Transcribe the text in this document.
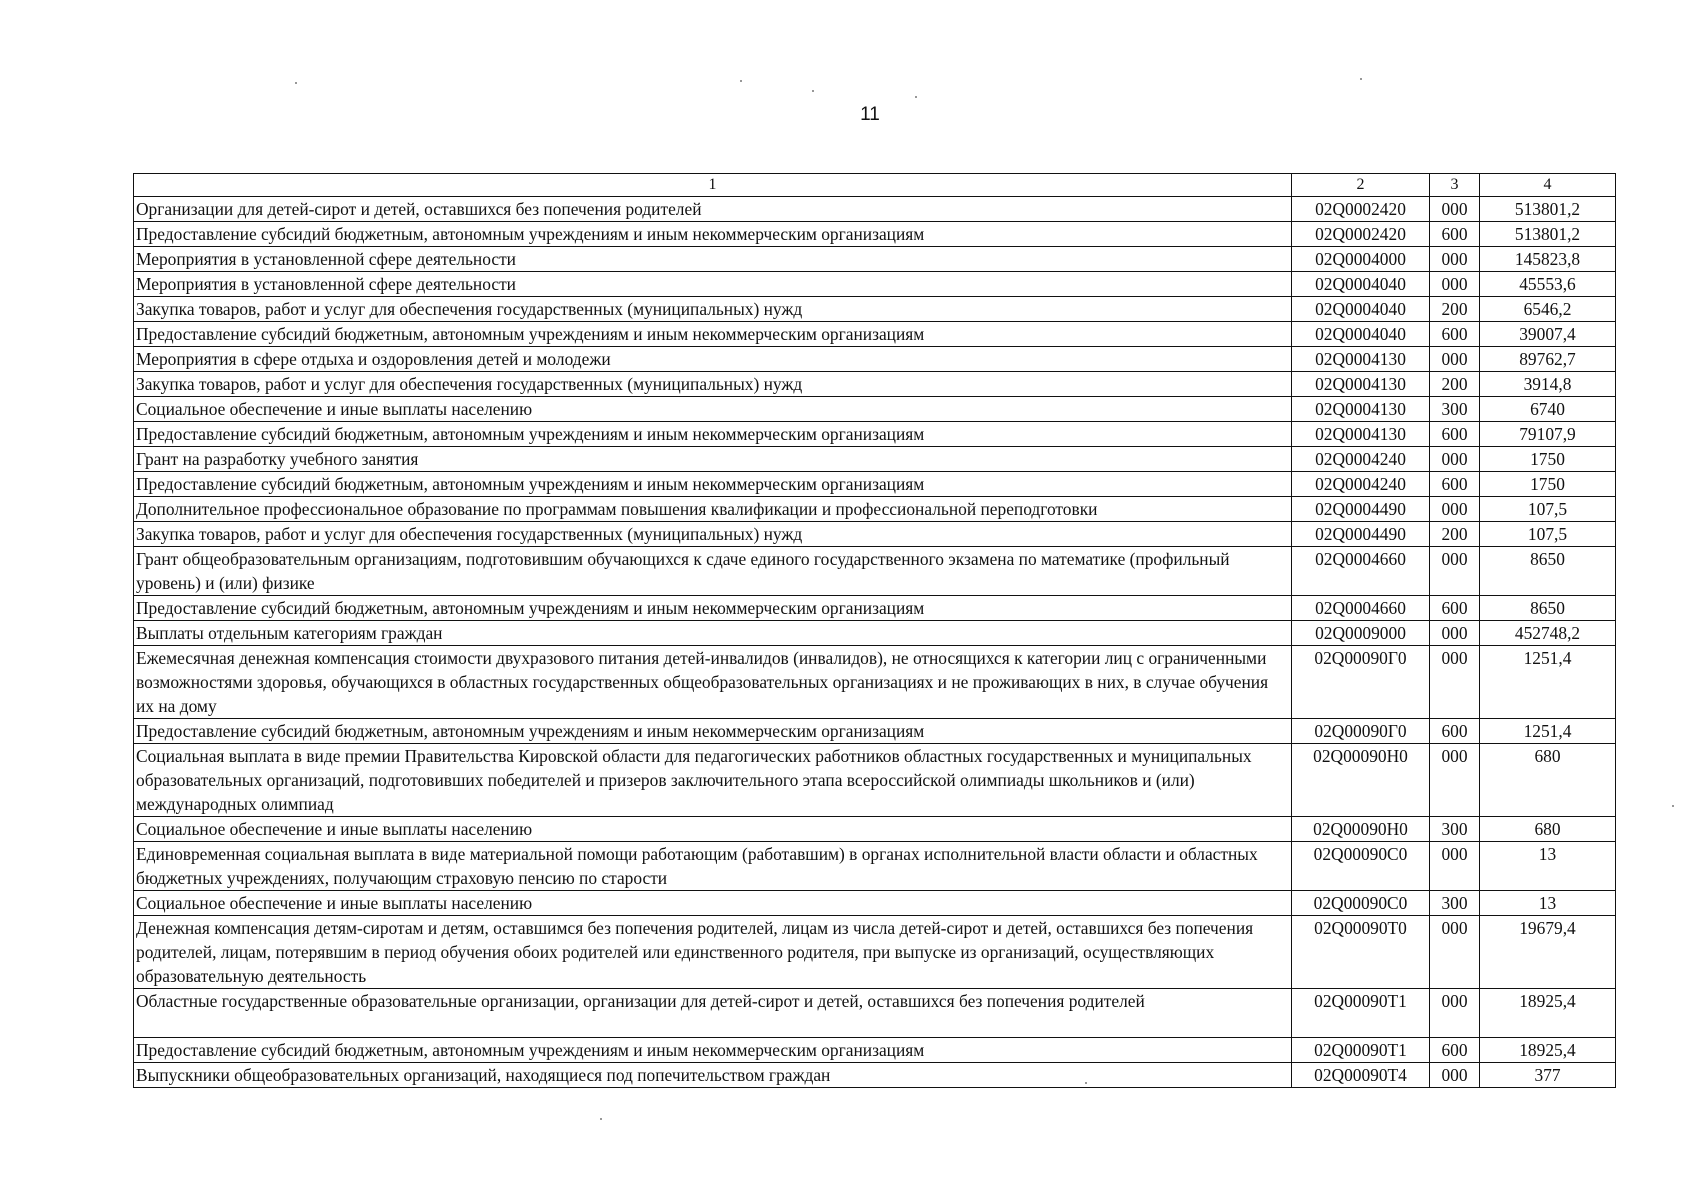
11
1	2	3	4
Организации для детей-сирот и детей, оставшихся без попечения родителей	02Q0002420	000	513801,2
Предоставление субсидий бюджетным, автономным учреждениям и иным некоммерческим организациям	02Q0002420	600	513801,2
Мероприятия в установленной сфере деятельности	02Q0004000	000	145823,8
Мероприятия в установленной сфере деятельности	02Q0004040	000	45553,6
Закупка товаров, работ и услуг для обеспечения государственных (муниципальных) нужд	02Q0004040	200	6546,2
Предоставление субсидий бюджетным, автономным учреждениям и иным некоммерческим организациям	02Q0004040	600	39007,4
Мероприятия в сфере отдыха и оздоровления детей и молодежи	02Q0004130	000	89762,7
Закупка товаров, работ и услуг для обеспечения государственных (муниципальных) нужд	02Q0004130	200	3914,8
Социальное обеспечение и иные выплаты населению	02Q0004130	300	6740
Предоставление субсидий бюджетным, автономным учреждениям и иным некоммерческим организациям	02Q0004130	600	79107,9
Грант на разработку учебного занятия	02Q0004240	000	1750
Предоставление субсидий бюджетным, автономным учреждениям и иным некоммерческим организациям	02Q0004240	600	1750
Дополнительное профессиональное образование по программам повышения квалификации и профессиональной переподготовки	02Q0004490	000	107,5
Закупка товаров, работ и услуг для обеспечения государственных (муниципальных) нужд	02Q0004490	200	107,5
Грант общеобразовательным организациям, подготовившим обучающихся к сдаче единого государственного экзамена по математике (профильный уровень) и (или) физике	02Q0004660	000	8650
Предоставление субсидий бюджетным, автономным учреждениям и иным некоммерческим организациям	02Q0004660	600	8650
Выплаты отдельным категориям граждан	02Q0009000	000	452748,2
Ежемесячная денежная компенсация стоимости двухразового питания детей-инвалидов (инвалидов), не относящихся к категории лиц с ограниченными возможностями здоровья, обучающихся в областных государственных общеобразовательных организациях и не проживающих в них, в случае обучения их на дому	02Q00090Г0	000	1251,4
Предоставление субсидий бюджетным, автономным учреждениям и иным некоммерческим организациям	02Q00090Г0	600	1251,4
Социальная выплата в виде премии Правительства Кировской области для педагогических работников областных государственных и муниципальных образовательных организаций, подготовивших победителей и призеров заключительного этапа всероссийской олимпиады школьников и (или) международных олимпиад	02Q00090Н0	000	680
Социальное обеспечение и иные выплаты населению	02Q00090Н0	300	680
Единовременная социальная выплата в виде материальной помощи работающим (работавшим) в органах исполнительной власти области и областных бюджетных учреждениях, получающим страховую пенсию по старости	02Q00090С0	000	13
Социальное обеспечение и иные выплаты населению	02Q00090С0	300	13
Денежная компенсация детям-сиротам и детям, оставшимся без попечения родителей, лицам из числа детей-сирот и детей, оставшихся без попечения родителей, лицам, потерявшим в период обучения обоих родителей или единственного родителя, при выпуске из организаций, осуществляющих образовательную деятельность	02Q00090Т0	000	19679,4
Областные государственные образовательные организации, организации для детей-сирот и детей, оставшихся без попечения родителей	02Q00090Т1	000	18925,4
Предоставление субсидий бюджетным, автономным учреждениям и иным некоммерческим организациям	02Q00090Т1	600	18925,4
Выпускники общеобразовательных организаций, находящиеся под попечительством граждан	02Q00090Т4	000	377
